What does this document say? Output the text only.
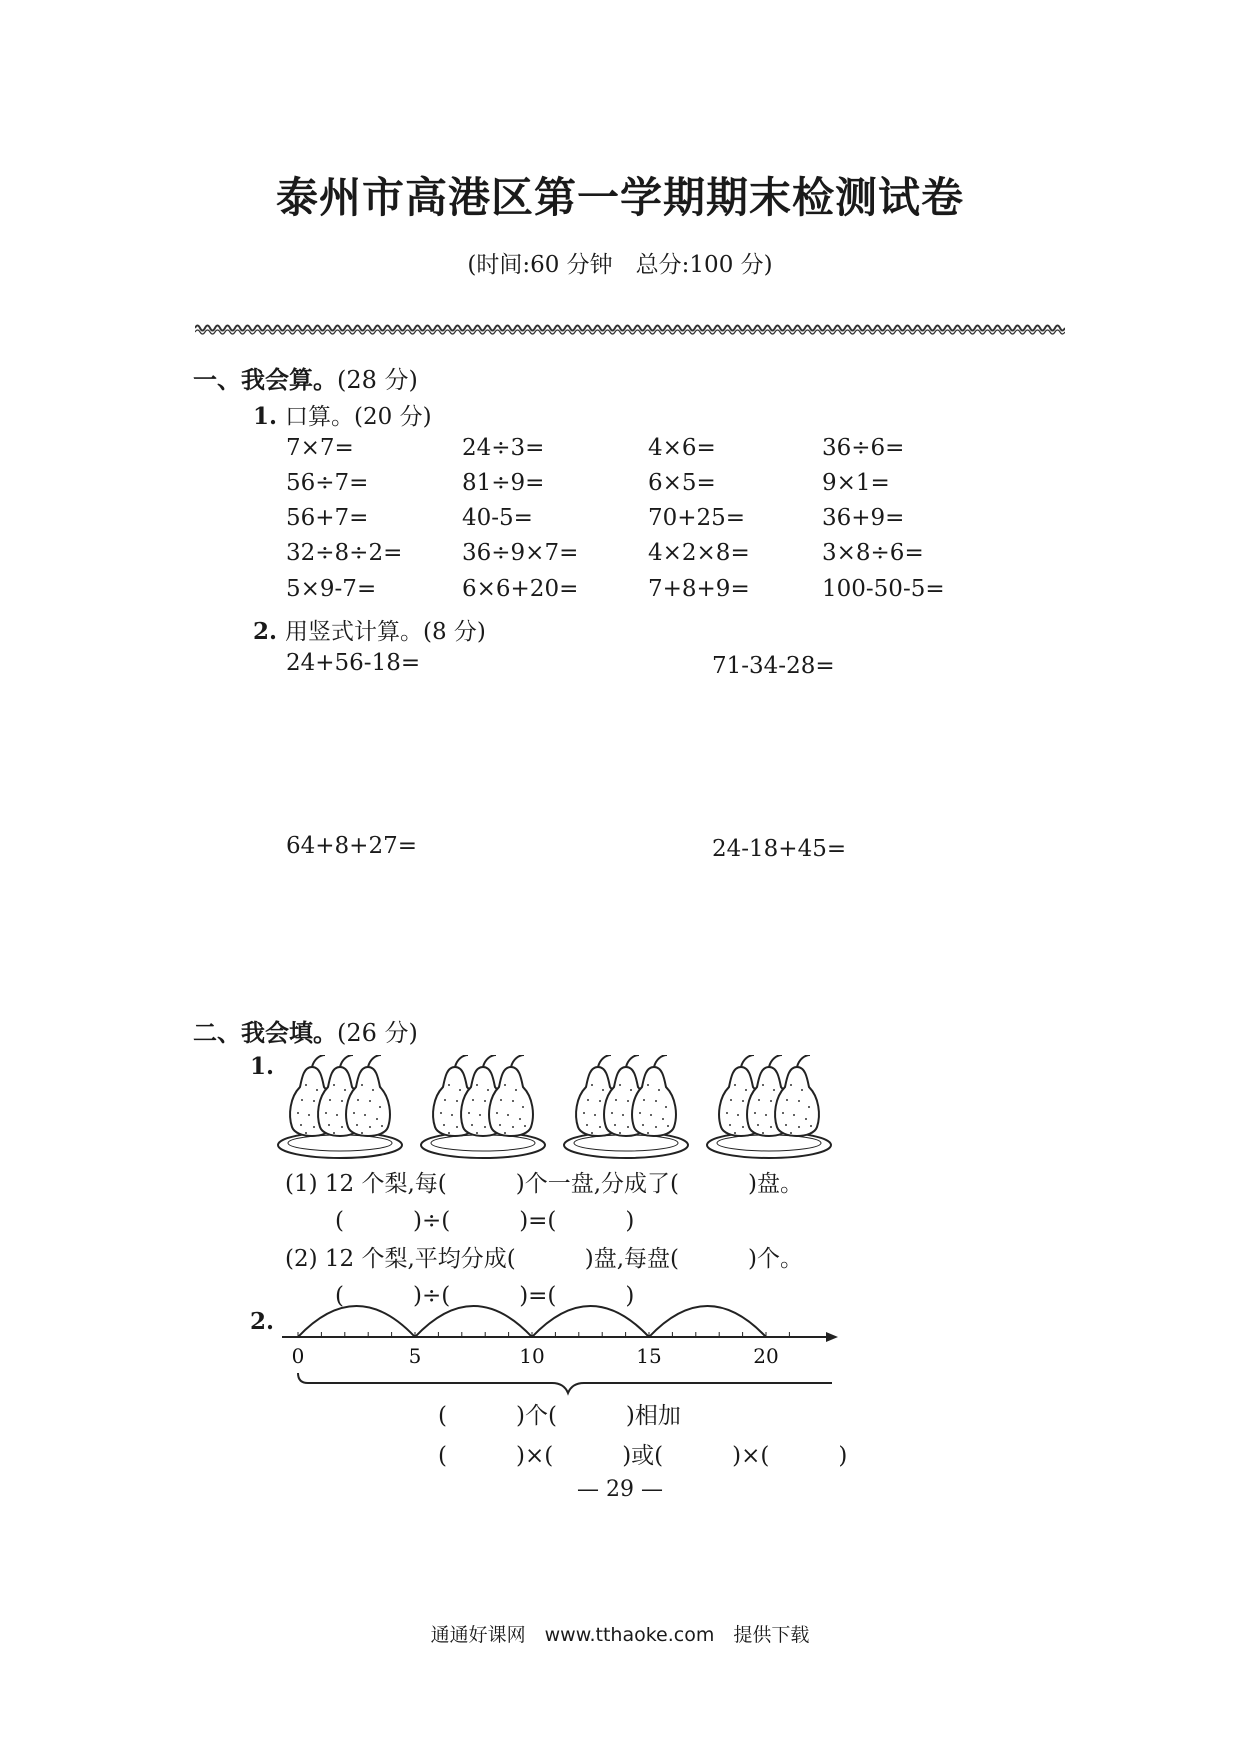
泰州市高港区第一学期期末检测试卷
(时间:60 分钟　总分:100 分)
一、我会算。(28 分)
1. 口算。(20 分)
7×7=	24÷3=	4×6=	36÷6=
56÷7=	81÷9=	6×5=	9×1=
56+7=	40-5=	70+25=	36+9=
32÷8÷2=	36÷9×7=	4×2×8=	3×8÷6=
5×9-7=	6×6+20=	7+8+9=	100-50-5=
2. 用竖式计算。(8 分)
24+56-18=	71-34-28=
64+8+27=	24-18+45=
二、我会填。(26 分)
1.
(1) 12 个梨,每(　　　)个一盘,分成了(　　　)盘。
(　　　)÷(　　　)=(　　　)
(2) 12 个梨,平均分成(　　　)盘,每盘(　　　)个。
(　　　)÷(　　　)=(　　　)
2.
0	5	10	15	20
(　　　)个(　　　)相加
(　　　)×(　　　)或(　　　)×(　　　)
— 29 —
通通好课网　www.tthaoke.com　提供下载
